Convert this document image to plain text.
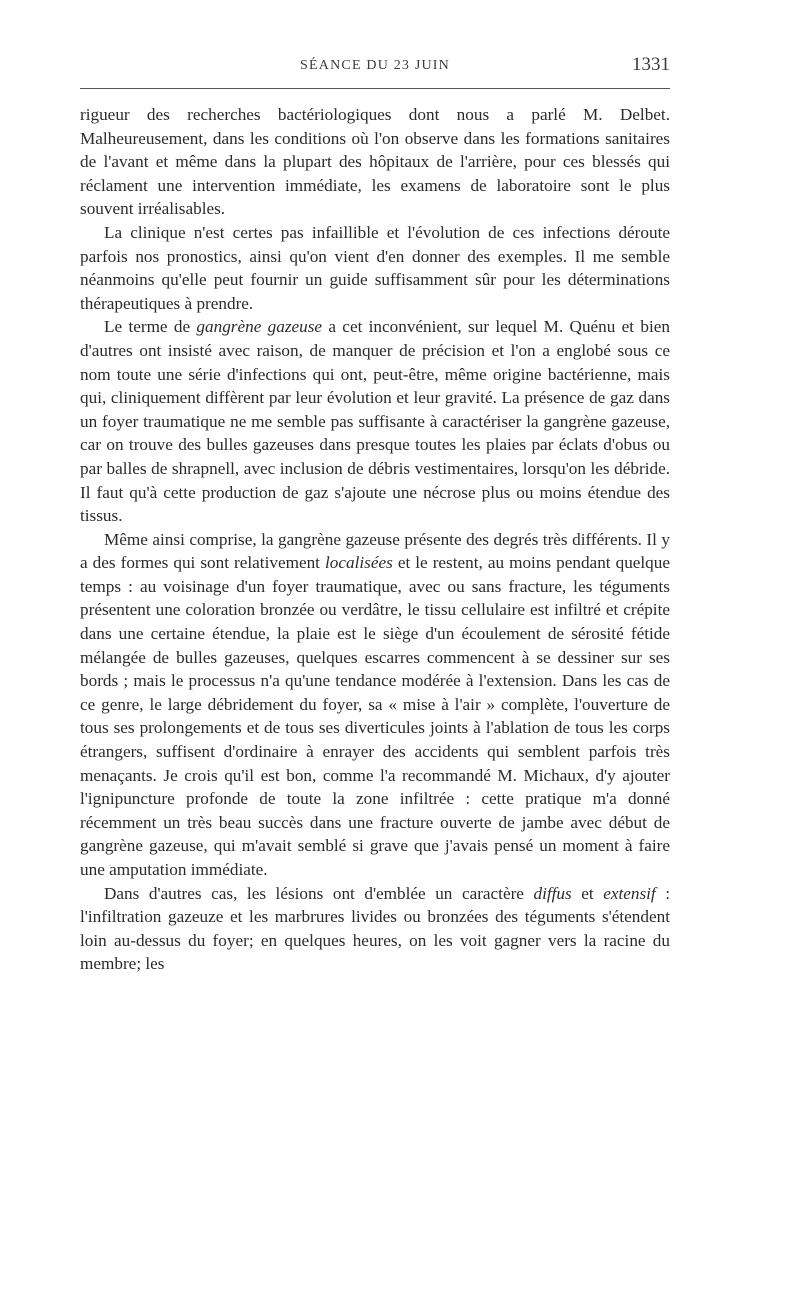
SÉANCE DU 23 JUIN	1331

rigueur des recherches bactériologiques dont nous a parlé M. Delbet. Malheureusement, dans les conditions où l'on observe dans les formations sanitaires de l'avant et même dans la plupart des hôpitaux de l'arrière, pour ces blessés qui réclament une intervention immédiate, les examens de laboratoire sont le plus souvent irréalisables.

La clinique n'est certes pas infaillible et l'évolution de ces infections déroute parfois nos pronostics, ainsi qu'on vient d'en donner des exemples. Il me semble néanmoins qu'elle peut fournir un guide suffisamment sûr pour les déterminations thérapeutiques à prendre.

Le terme de gangrène gazeuse a cet inconvénient, sur lequel M. Quénu et bien d'autres ont insisté avec raison, de manquer de précision et l'on a englobé sous ce nom toute une série d'infections qui ont, peut-être, même origine bactérienne, mais qui, cliniquement diffèrent par leur évolution et leur gravité. La présence de gaz dans un foyer traumatique ne me semble pas suffisante à caractériser la gangrène gazeuse, car on trouve des bulles gazeuses dans presque toutes les plaies par éclats d'obus ou par balles de shrapnell, avec inclusion de débris vestimentaires, lorsqu'on les débride. Il faut qu'à cette production de gaz s'ajoute une nécrose plus ou moins étendue des tissus.

Même ainsi comprise, la gangrène gazeuse présente des degrés très différents. Il y a des formes qui sont relativement localisées et le restent, au moins pendant quelque temps : au voisinage d'un foyer traumatique, avec ou sans fracture, les téguments présentent une coloration bronzée ou verdâtre, le tissu cellulaire est infiltré et crépite dans une certaine étendue, la plaie est le siège d'un écoulement de sérosité fétide mélangée de bulles gazeuses, quelques escarres commencent à se dessiner sur ses bords ; mais le processus n'a qu'une tendance modérée à l'extension. Dans les cas de ce genre, le large débridement du foyer, sa « mise à l'air » complète, l'ouverture de tous ses prolongements et de tous ses diverticules joints à l'ablation de tous les corps étrangers, suffisent d'ordinaire à enrayer des accidents qui semblent parfois très menaçants. Je crois qu'il est bon, comme l'a recommandé M. Michaux, d'y ajouter l'ignipuncture profonde de toute la zone infiltrée : cette pratique m'a donné récemment un très beau succès dans une fracture ouverte de jambe avec début de gangrène gazeuse, qui m'avait semblé si grave que j'avais pensé un moment à faire une amputation immédiate.

Dans d'autres cas, les lésions ont d'emblée un caractère diffus et extensif : l'infiltration gazeuze et les marbrures livides ou bronzées des téguments s'étendent loin au-dessus du foyer; en quelques heures, on les voit gagner vers la racine du membre; les
